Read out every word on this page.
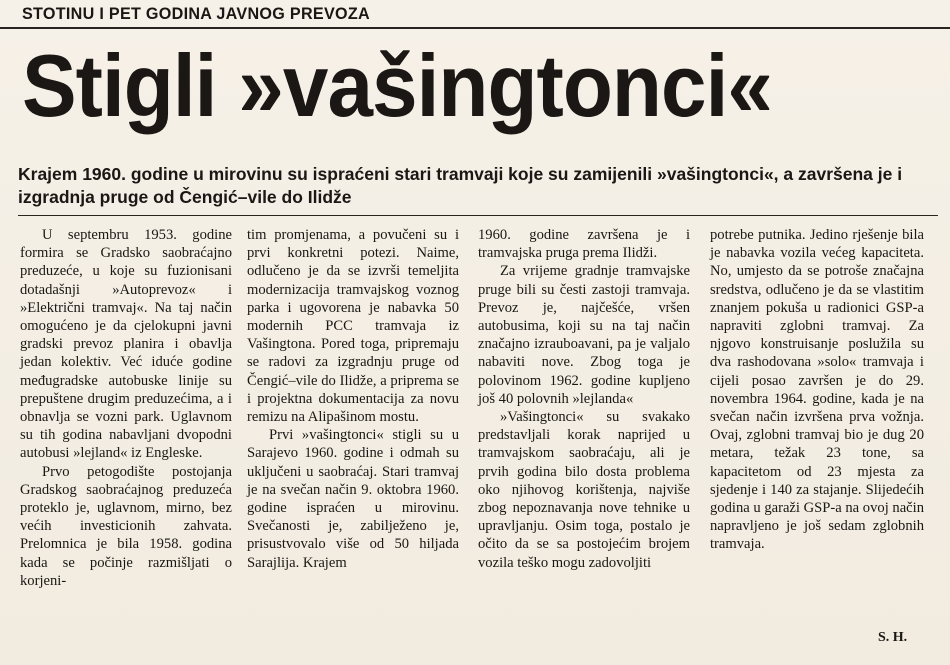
STOTINU I PET GODINA JAVNOG PREVOZA
Stigli »vašingtonci«
Krajem 1960. godine u mirovinu su ispraćeni stari tramvaji koje su zamijenili »vašingtonci«, a završena je i izgradnja pruge od Čengić–vile do Ilidže

U septembru 1953. godine formira se Gradsko saobraćajno preduzeće, u koje su fuzionisani dotadašnji »Autoprevoz« i »Električni tramvaj«. Na taj način omogućeno je da cjelokupni javni gradski prevoz planira i obavlja jedan kolektiv. Već iduće godine međugradske autobuske linije su prepuštene drugim preduzećima, a i obnavlja se vozni park. Uglavnom su tih godina nabavljani dvopodni autobusi »lejland« iz Engleske.

Prvo petogodište postojanja Gradskog saobraćajnog preduzeća proteklo je, uglavnom, mirno, bez većih investicionih zahvata. Prelomnica je bila 1958. godina kada se počinje razmišljati o korjeni-

tim promjenama, a povučeni su i prvi konkretni potezi. Naime, odlučeno je da se izvrši temeljita modernizacija tramvajskog voznog parka i ugovorena je nabavka 50 modernih PCC tramvaja iz Vašingtona. Pored toga, pripremaju se radovi za izgradnju pruge od Čengić–vile do Ilidže, a priprema se i projektna dokumentacija za novu remizu na Alipašinom mostu.

Prvi »vašingtonci« stigli su u Sarajevo 1960. godine i odmah su uključeni u saobraćaj. Stari tramvaj je na svečan način 9. oktobra 1960. godine ispraćen u mirovinu. Svečanosti je, zabilježeno je, prisustvovalo više od 50 hiljada Sarajlija. Krajem

1960. godine završena je i tramvajska pruga prema Ilidži.

Za vrijeme gradnje tramvajske pruge bili su česti zastoji tramvaja. Prevoz je, najčešće, vršen autobusima, koji su na taj način značajno izrauboavani, pa je valjalo nabaviti nove. Zbog toga je polovinom 1962. godine kupljeno još 40 polovnih »lejlanda«

»Vašingtonci« su svakako predstavljali korak naprijed u tramvajskom saobraćaju, ali je prvih godina bilo dosta problema oko njihovog korištenja, najviše zbog nepoznavanja nove tehnike u upravljanju. Osim toga, postalo je očito da se sa postojećim brojem vozila teško mogu zadovoljiti

potrebe putnika. Jedino rješenje bila je nabavka vozila većeg kapaciteta. No, umjesto da se potroše značajna sredstva, odlučeno je da se vlastitim znanjem pokuša u radionici GSP-a napraviti zglobni tramvaj. Za njgovo konstruisanje poslužila su dva rashodovana »solo« tramvaja i cijeli posao završen je do 29. novembra 1964. godine, kada je na svečan način izvršena prva vožnja. Ovaj, zglobni tramvaj bio je dug 20 metara, težak 23 tone, sa kapacitetom od 23 mjesta za sjedenje i 140 za stajanje. Slijedećih godina u garaži GSP-a na ovoj način napravljeno je još sedam zglobnih tramvaja.

S. H.
